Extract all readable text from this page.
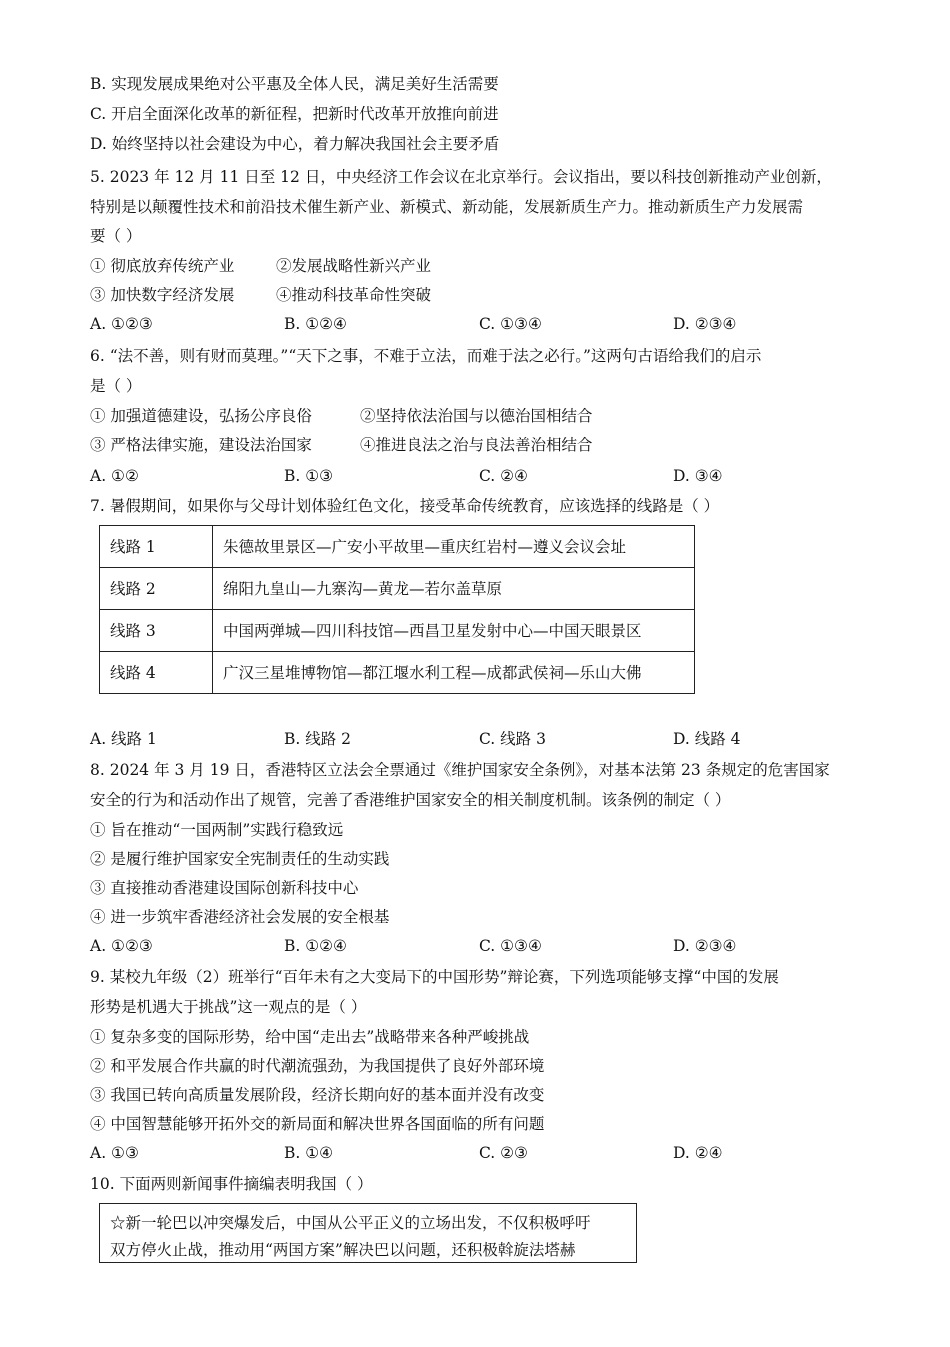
B. 实现发展成果绝对公平惠及全体人民，满足美好生活需要
C. 开启全面深化改革的新征程，把新时代改革开放推向前进
D. 始终坚持以社会建设为中心，着力解决我国社会主要矛盾
5. 2023 年 12 月 11 日至 12 日，中央经济工作会议在北京举行。会议指出，要以科技创新推动产业创新，
特别是以颠覆性技术和前沿技术催生新产业、新模式、新动能，发展新质生产力。推动新质生产力发展需
要（ ）
① 彻底放弃传统产业	②发展战略性新兴产业
③ 加快数字经济发展	④推动科技革命性突破
A. ①②③	B. ①②④	C. ①③④	D. ②③④
6. “法不善，则有财而莫理。”“天下之事，不难于立法，而难于法之必行。”这两句古语给我们的启示
是（ ）
① 加强道德建设，弘扬公序良俗	②坚持依法治国与以德治国相结合
③ 严格法律实施，建设法治国家	④推进良法之治与良法善治相结合
A. ①②	B. ①③	C. ②④	D. ③④
7. 暑假期间，如果你与父母计划体验红色文化，接受革命传统教育，应该选择的线路是（ ）
线路 1	朱德故里景区—广安小平故里—重庆红岩村—遵义会议会址
线路 2	绵阳九皇山—九寨沟—黄龙—若尔盖草原
线路 3	中国两弹城—四川科技馆—西昌卫星发射中心—中国天眼景区
线路 4	广汉三星堆博物馆—都江堰水利工程—成都武侯祠—乐山大佛
A. 线路 1	B. 线路 2	C. 线路 3	D. 线路 4
8. 2024 年 3 月 19 日，香港特区立法会全票通过《维护国家安全条例》，对基本法第 23 条规定的危害国家
安全的行为和活动作出了规管，完善了香港维护国家安全的相关制度机制。该条例的制定（ ）
① 旨在推动“一国两制”实践行稳致远
② 是履行维护国家安全宪制责任的生动实践
③ 直接推动香港建设国际创新科技中心
④ 进一步筑牢香港经济社会发展的安全根基
A. ①②③	B. ①②④	C. ①③④	D. ②③④
9. 某校九年级（2）班举行“百年未有之大变局下的中国形势”辩论赛，下列选项能够支撑“中国的发展
形势是机遇大于挑战”这一观点的是（ ）
① 复杂多变的国际形势，给中国“走出去”战略带来各种严峻挑战
② 和平发展合作共赢的时代潮流强劲，为我国提供了良好外部环境
③ 我国已转向高质量发展阶段，经济长期向好的基本面并没有改变
④ 中国智慧能够开拓外交的新局面和解决世界各国面临的所有问题
A. ①③	B. ①④	C. ②③	D. ②④
10. 下面两则新闻事件摘编表明我国（ ）
☆新一轮巴以冲突爆发后，中国从公平正义的立场出发，不仅积极呼吁
双方停火止战，推动用“两国方案”解决巴以问题，还积极斡旋法塔赫
